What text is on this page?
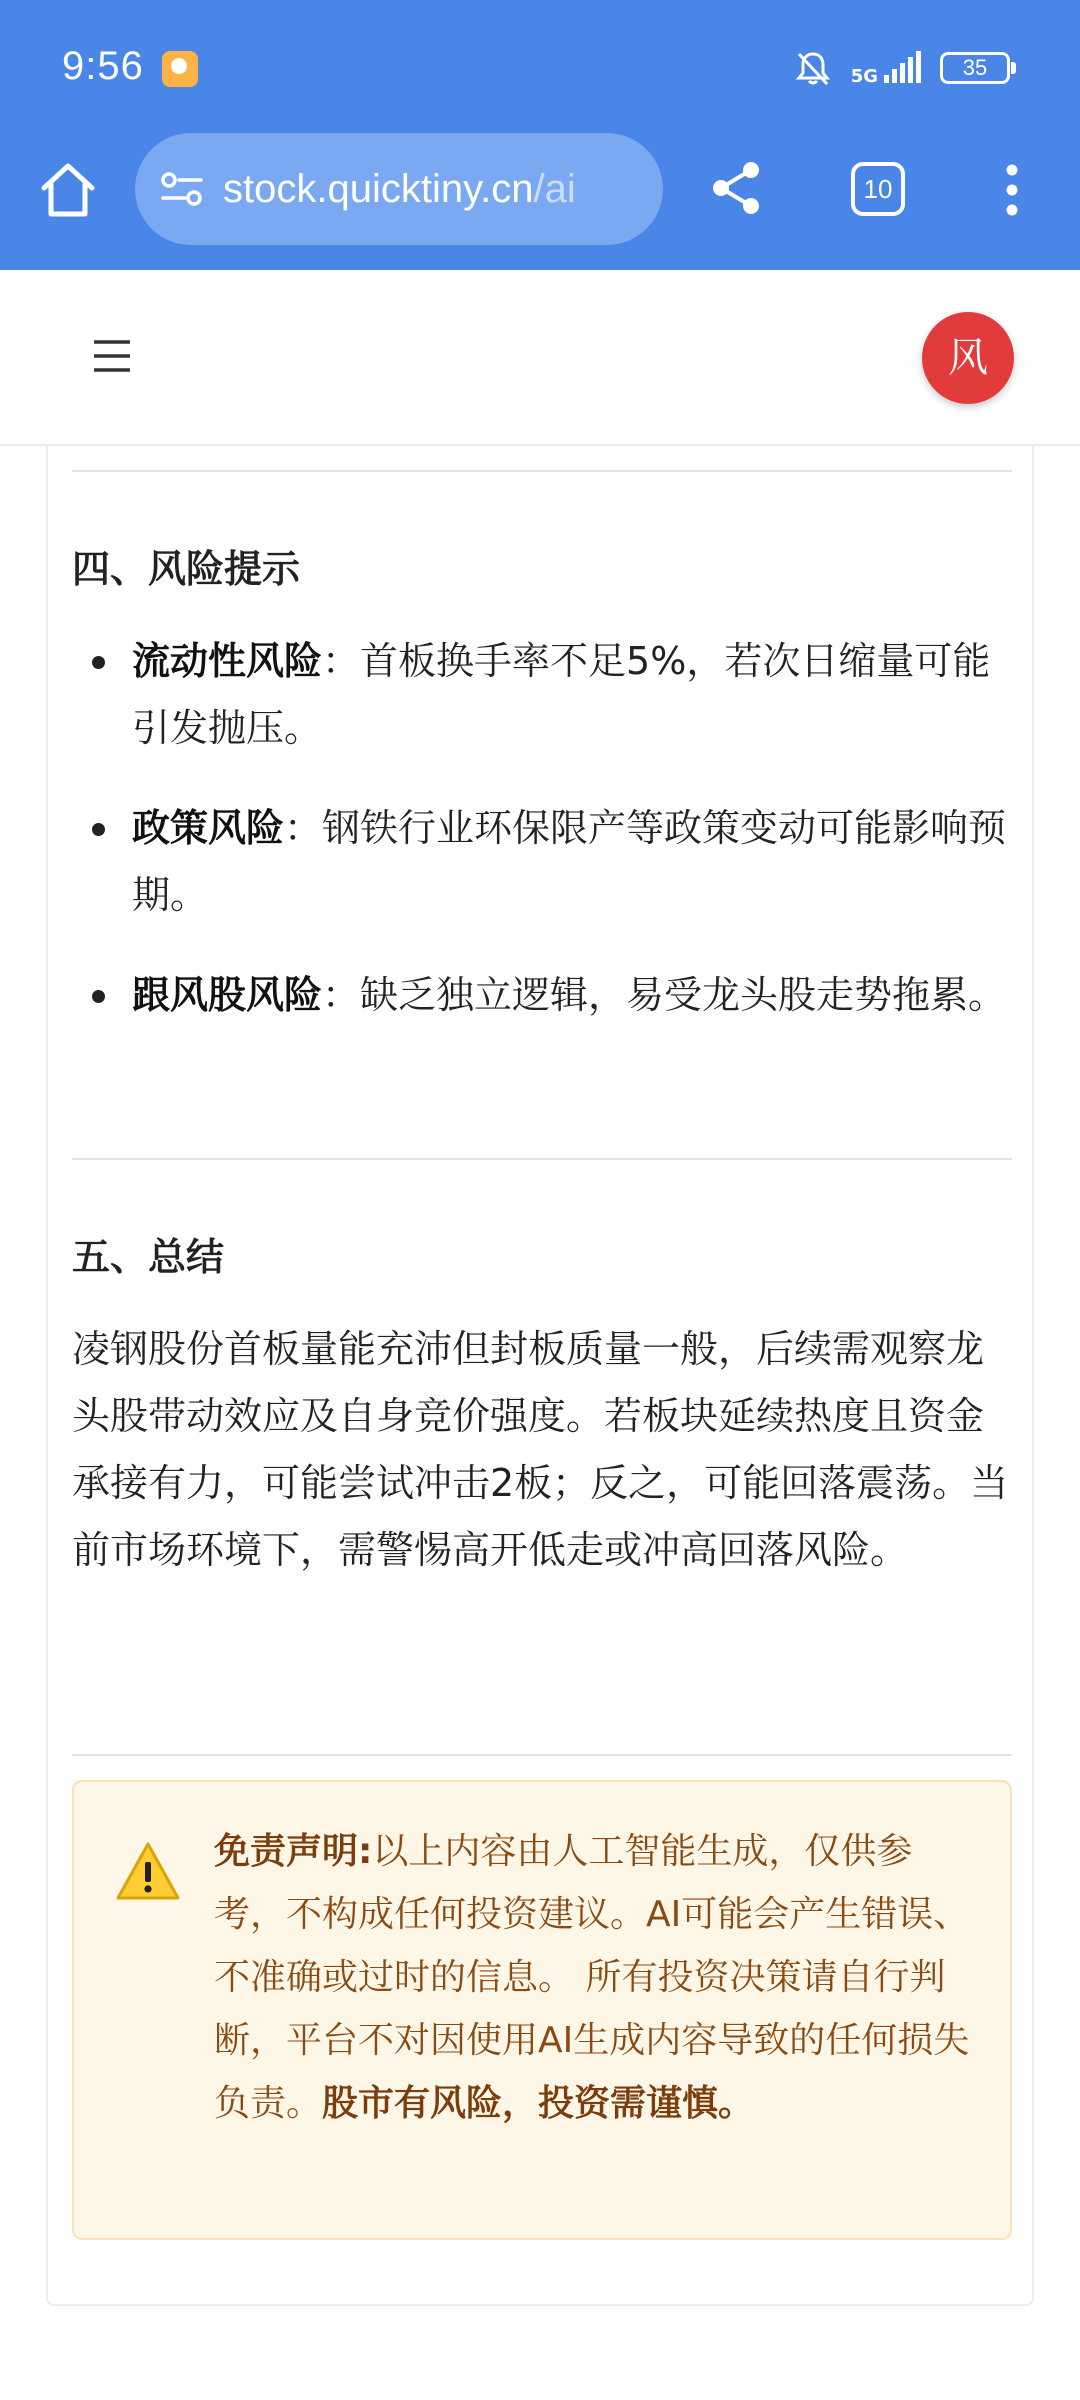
9:56	5G	35
stock.quicktiny.cn/ai	10
风
四、风险提示
流动性风险：首板换手率不足5%，若次日缩量可能引发抛压。
政策风险：钢铁行业环保限产等政策变动可能影响预期。
跟风股风险：缺乏独立逻辑，易受龙头股走势拖累。
五、总结
凌钢股份首板量能充沛但封板质量一般，后续需观察龙头股带动效应及自身竞价强度。若板块延续热度且资金承接有力，可能尝试冲击2板；反之，可能回落震荡。当前市场环境下，需警惕高开低走或冲高回落风险。
免责声明:以上内容由人工智能生成，仅供参考，不构成任何投资建议。AI可能会产生错误、不准确或过时的信息。 所有投资决策请自行判断，平台不对因使用AI生成内容导致的任何损失负责。股市有风险，投资需谨慎。
